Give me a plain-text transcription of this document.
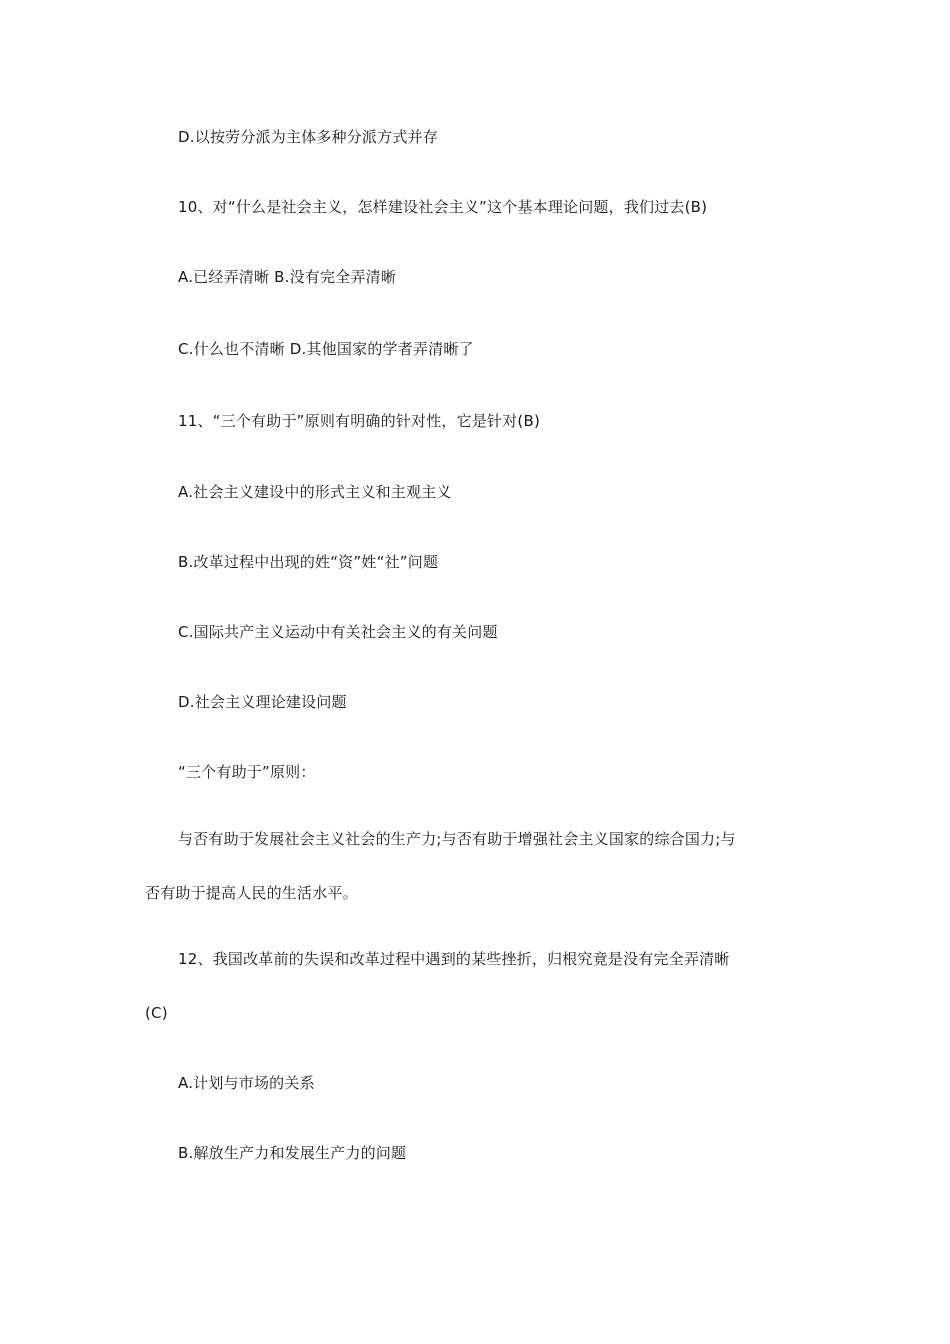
D.以按劳分派为主体多种分派方式并存
10、对“什么是社会主义，怎样建设社会主义”这个基本理论问题，我们过去(B)
A.已经弄清晰 B.没有完全弄清晰
C.什么也不清晰 D.其他国家的学者弄清晰了
11、“三个有助于”原则有明确的针对性，它是针对(B)
A.社会主义建设中的形式主义和主观主义
B.改革过程中出现的姓“资”姓“社”问题
C.国际共产主义运动中有关社会主义的有关问题
D.社会主义理论建设问题
“三个有助于”原则：
与否有助于发展社会主义社会的生产力;与否有助于增强社会主义国家的综合国力;与
否有助于提高人民的生活水平。
12、我国改革前的失误和改革过程中遇到的某些挫折，归根究竟是没有完全弄清晰
(C)
A.计划与市场的关系
B.解放生产力和发展生产力的问题
